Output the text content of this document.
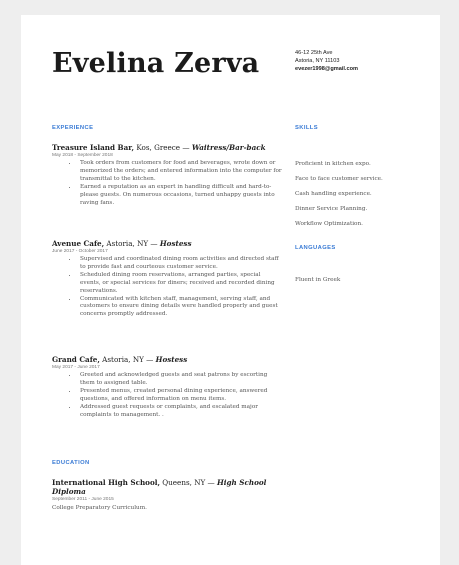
Evelina Zerva	46-12 25th Ave
Astoria, NY 11103
evezer1998@gmail.com
EXPERIENCE
Treasure Island Bar, Kos, Greece — Waitress/Bar-back
May 2018 - September 2018
• Took orders from customers for food and beverages, wrote down or memorized the orders; and entered information into the computer for transmittal to the kitchen.
• Earned a reputation as an expert in handling difficult and hard-to-please guests. On numerous occasions, turned unhappy guests into raving fans.
Avenue Cafe, Astoria, NY — Hostess
June 2017 - October 2017
• Supervised and coordinated dining room activities and directed staff to provide fast and courteous customer service.
• Scheduled dining room reservations, arranged parties, special events, or special services for diners; received and recorded dining reservations.
• Communicated with kitchen staff, management, serving staff, and customers to ensure dining details were handled properly and guest concerns promptly addressed.
Grand Cafe, Astoria, NY — Hostess
May 2017 - June 2017
• Greeted and acknowledged guests and seat patrons by escorting them to assigned table.
• Presented menus, created personal dining experience, answered questions, and offered information on menu items.
• Addressed guest requests or complaints, and escalated major complaints to management. .
EDUCATION
International High School, Queens, NY — High School Diploma
September 2011 - June 2015
College Preparatory Curriculum.
SKILLS
Proficient in kitchen expo.
Face to face customer service.
Cash handling experience.
Dinner Service Planning.
Workflow Optimization.
LANGUAGES
Fluent in Greek
